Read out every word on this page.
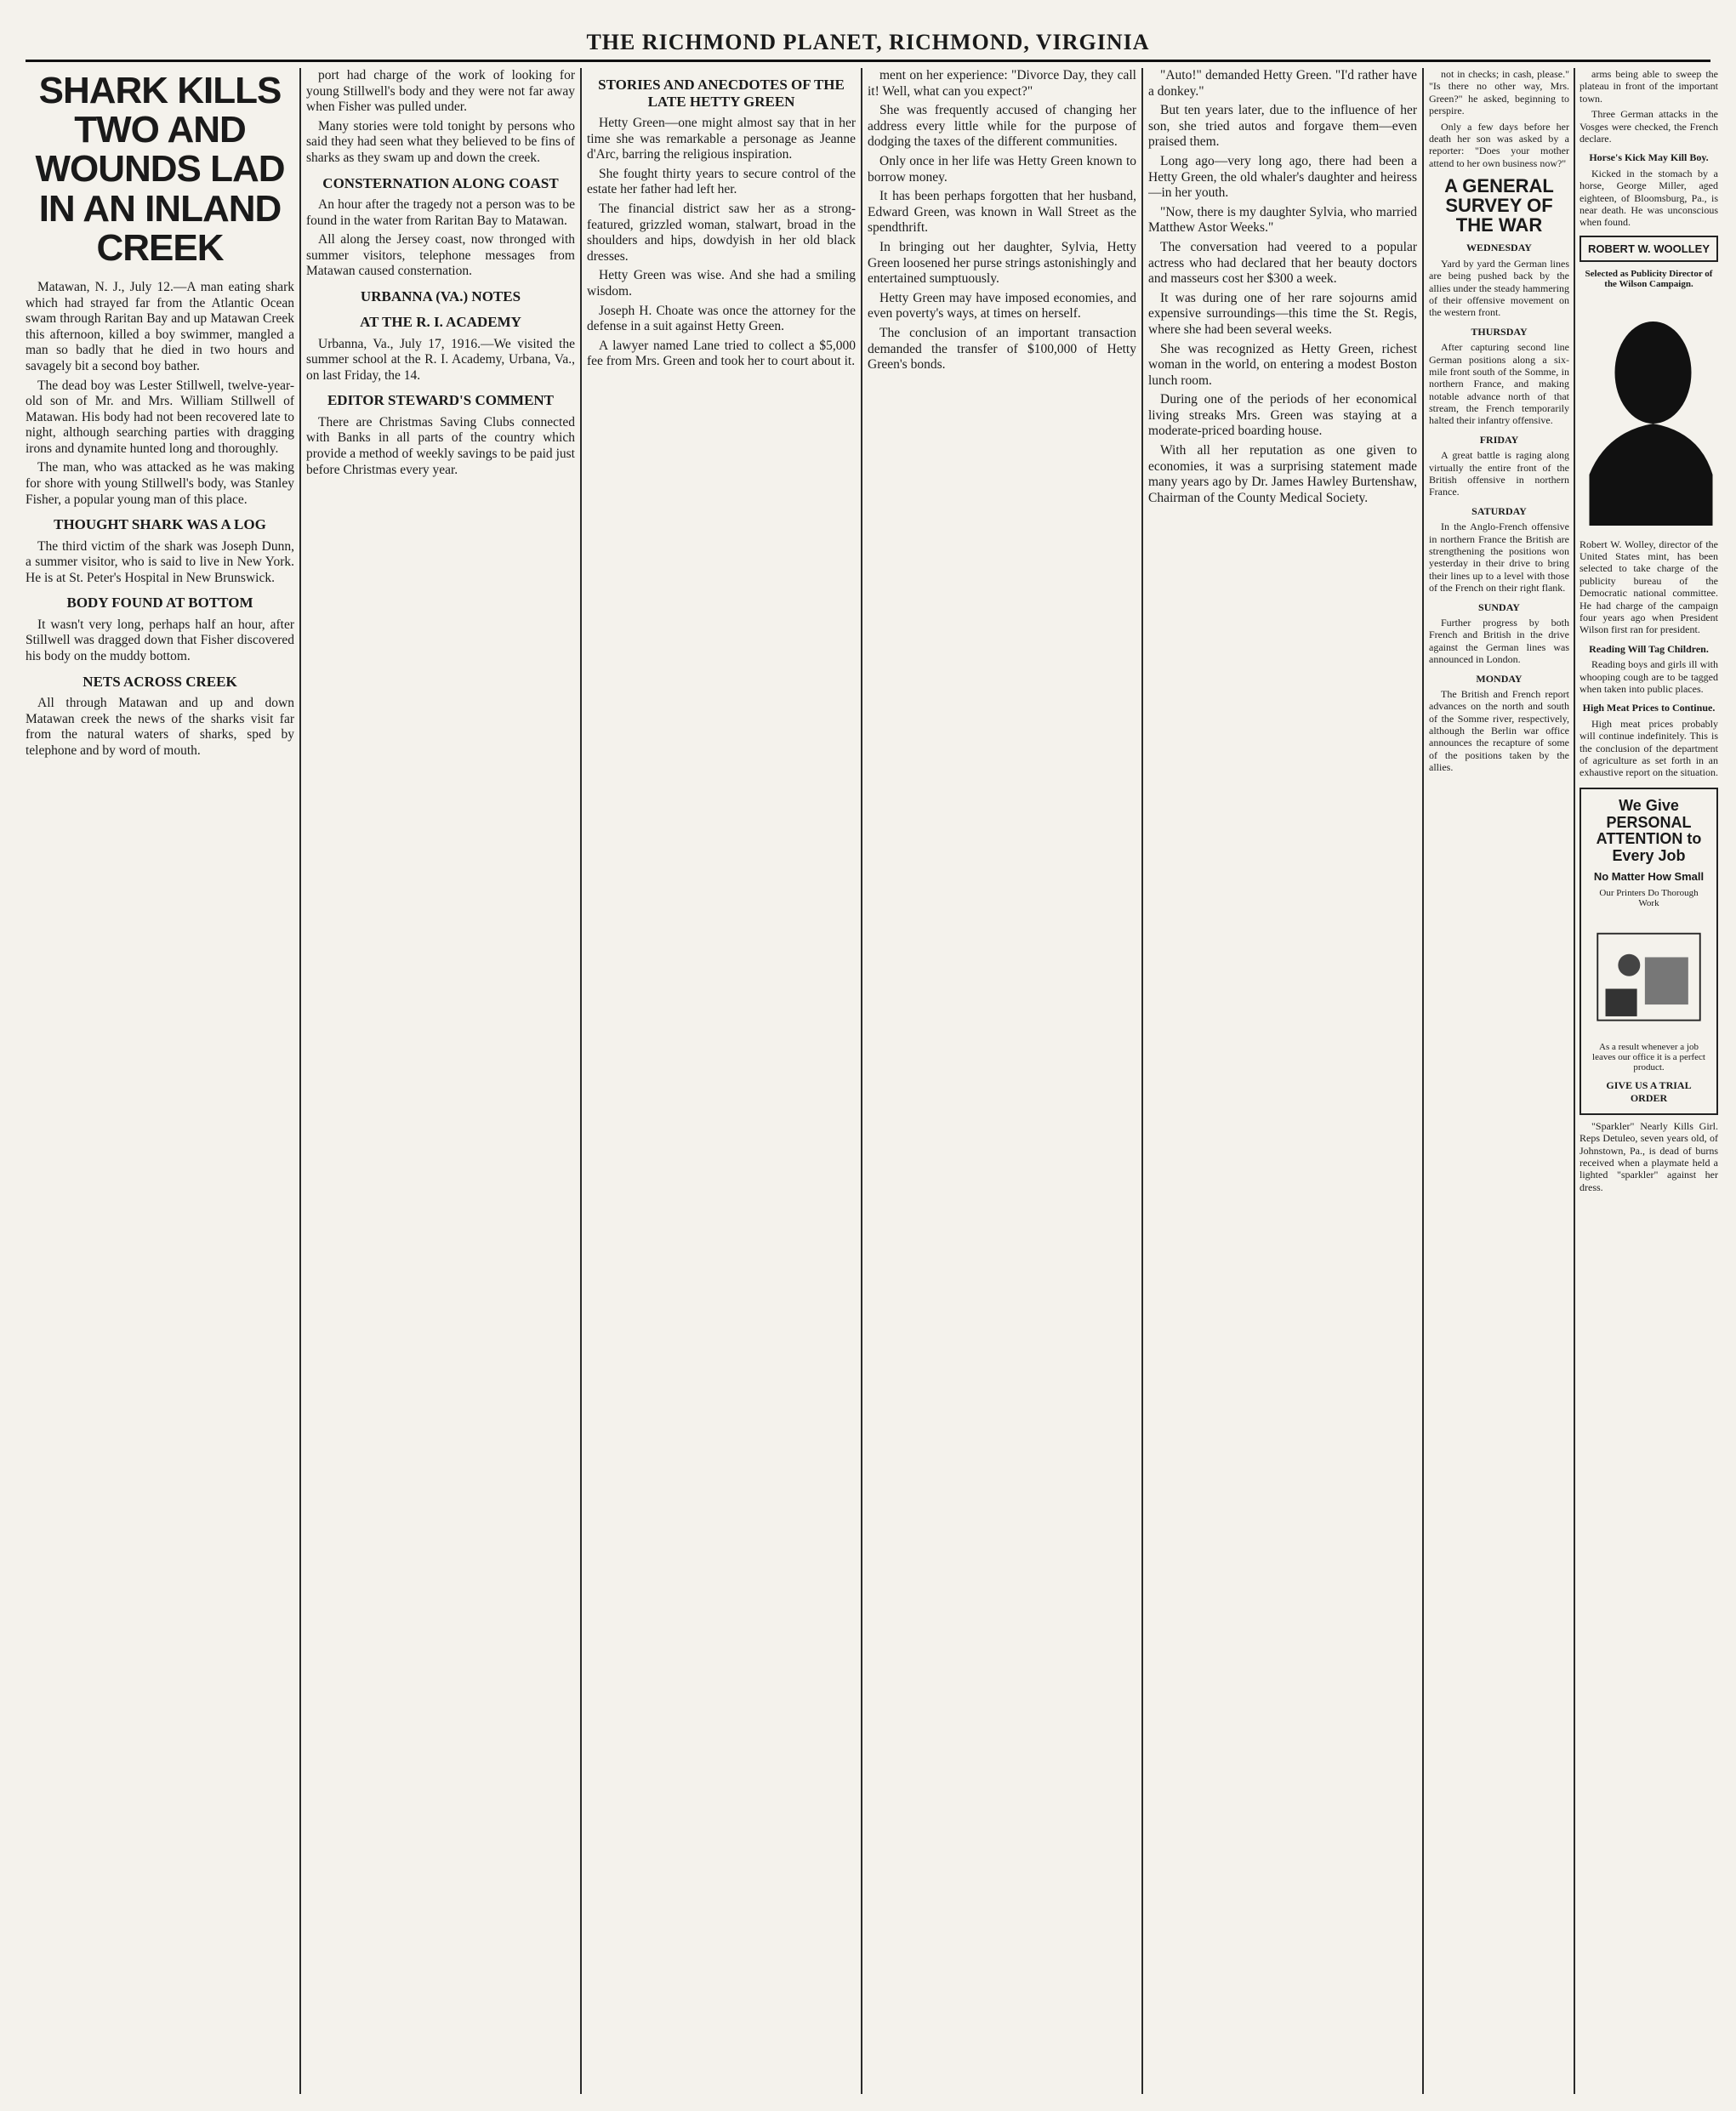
THE RICHMOND PLANET, RICHMOND, VIRGINIA
SHARK KILLS TWO AND WOUNDS LAD IN AN INLAND CREEK

Matawan, N. J., July 12.—A man eating shark which had strayed far from the Atlantic Ocean swam through Raritan Bay and up Matawan Creek this afternoon, killed a boy swimmer, mangled a man so badly that he died in two hours and savagely bit a second boy bather.

The dead boy was Lester Stillwell, twelve-year-old son of Mr. and Mrs. William Stillwell of Matawan. His body had not been recovered late to night, although searching parties with dragging irons and dynamite hunted long and thoroughly.

The man, who was attacked as he was making for shore with young Stillwell's body, was Stanley Fisher, a popular young man of this place.

THOUGHT SHARK WAS A LOG

The third victim of the shark was Joseph Dunn, a summer visitor, who is said to live in New York. He is at St. Peter's Hospital in New Brunswick.

BODY FOUND AT BOTTOM

It wasn't very long, perhaps half an hour, after Stillwell was dragged down that Fisher discovered his body on the muddy bottom.

NETS ACROSS CREEK

All through Matawan and up and down Matawan creek the news of the sharks visit far from the natural waters of sharks, sped by telephone and by word of mouth.

port had charge of the work of looking for young Stillwell's body and they were not far away when Fisher was pulled under.

Many stories were told tonight by persons who said they had seen what they believed to be fins of sharks as they swam up and down the creek.

CONSTERNATION ALONG COAST

An hour after the tragedy not a person was to be found in the water from Raritan Bay to Matawan.

All along the Jersey coast, now thronged with summer visitors, telephone messages from Matawan caused consternation.

URBANNA (VA.) NOTES
AT THE R. I. ACADEMY

Urbanna, Va., July 17, 1916.—We visited the summer school at the R. I. Academy, Urbana, Va., on last Friday, the 14.

EDITOR STEWARD'S COMMENT

There are Christmas Saving Clubs connected with Banks in all parts of the country which provide a method of weekly savings to be paid just before Christmas every year.

STORIES AND ANECDOTES OF THE LATE HETTY GREEN

Hetty Green—one might almost say that in her time she was remarkable a personage as Jeanne d'Arc, barring the religious inspiration.

She fought thirty years to secure control of the estate her father had left her.

The financial district saw her as a strong-featured, grizzled woman, stalwart, broad in the shoulders and hips, dowdyish in her old black dresses.

Hetty Green was wise. And she had a smiling wisdom.

Joseph H. Choate was once the attorney for the defense in a suit against Hetty Green.

A lawyer named Lane tried to collect a $5,000 fee from Mrs. Green and took her to court about it.

ment on her experience: "Divorce Day, they call it! Well, what can you expect?"

She was frequently accused of changing her address every little while for the purpose of dodging the taxes of the different communities.

Only once in her life was Hetty Green known to borrow money.

It has been perhaps forgotten that her husband, Edward Green, was known in Wall Street as the spendthrift.

In bringing out her daughter, Sylvia, Hetty Green loosened her purse strings astonishingly and entertained sumptuously.

Hetty Green may have imposed economies, and even poverty's ways, at times on herself.

The conclusion of an important transaction demanded the transfer of $100,000 of Hetty Green's bonds.

"Auto!" demanded Hetty Green. "I'd rather have a donkey."

But ten years later, due to the influence of her son, she tried autos and forgave them—even praised them.

Long ago—very long ago, there had been a Hetty Green, the old whaler's daughter and heiress—in her youth.

"Now, there is my daughter Sylvia, who married Matthew Astor Weeks."

The conversation had veered to a popular actress who had declared that her beauty doctors and masseurs cost her $300 a week.

It was during one of her rare sojourns amid expensive surroundings—this time the St. Regis, where she had been several weeks.

She was recognized as Hetty Green, richest woman in the world, on entering a modest Boston lunch room.

During one of the periods of her economical living streaks Mrs. Green was staying at a moderate-priced boarding house.

With all her reputation as one given to economies, it was a surprising statement made many years ago by Dr. James Hawley Burtenshaw, Chairman of the County Medical Society.

not in checks; in cash, please." "Is there no other way, Mrs. Green?" he asked, beginning to perspire.

Only a few days before her death her son was asked by a reporter: "Does your mother attend to her own business now?"

A GENERAL SURVEY OF THE WAR
WEDNESDAY

Yard by yard the German lines are being pushed back by the allies under the steady hammering of their offensive movement on the western front.

THURSDAY

After capturing second line German positions along a six-mile front south of the Somme, in northern France, and making notable advance north of that stream, the French temporarily halted their infantry offensive.

FRIDAY

A great battle is raging along virtually the entire front of the British offensive in northern France.

SATURDAY

In the Anglo-French offensive in northern France the British are strengthening the positions won yesterday in their drive to bring their lines up to a level with those of the French on their right flank.

SUNDAY

Further progress by both French and British in the drive against the German lines was announced in London.

MONDAY

The British and French report advances on the north and south of the Somme river, respectively, although the Berlin war office announces the recapture of some of the positions taken by the allies.

arms being able to sweep the plateau in front of the important town.

Three German attacks in the Vosges were checked, the French declare.

Horse's Kick May Kill Boy.

Kicked in the stomach by a horse, George Miller, aged eighteen, of Bloomsburg, Pa., is near death. He was unconscious when found.

ROBERT W. WOOLLEY
Selected as Publicity Director of the Wilson Campaign.
Robert W. Wolley, director of the United States mint, has been selected to take charge of the publicity bureau of the Democratic national committee. He had charge of the campaign four years ago when President Wilson first ran for president.
Reading Will Tag Children.

Reading boys and girls ill with whooping cough are to be tagged when taken into public places.

High Meat Prices to Continue.

High meat prices probably will continue indefinitely. This is the conclusion of the department of agriculture as set forth in an exhaustive report on the situation.

We Give PERSONAL ATTENTION to Every Job
No Matter How Small
Our Printers Do Thorough Work
As a result whenever a job leaves our office it is a perfect product.
GIVE US A TRIAL ORDER

"Sparkler" Nearly Kills Girl. Reps Detuleo, seven years old, of Johnstown, Pa., is dead of burns received when a playmate held a lighted "sparkler" against her dress.
